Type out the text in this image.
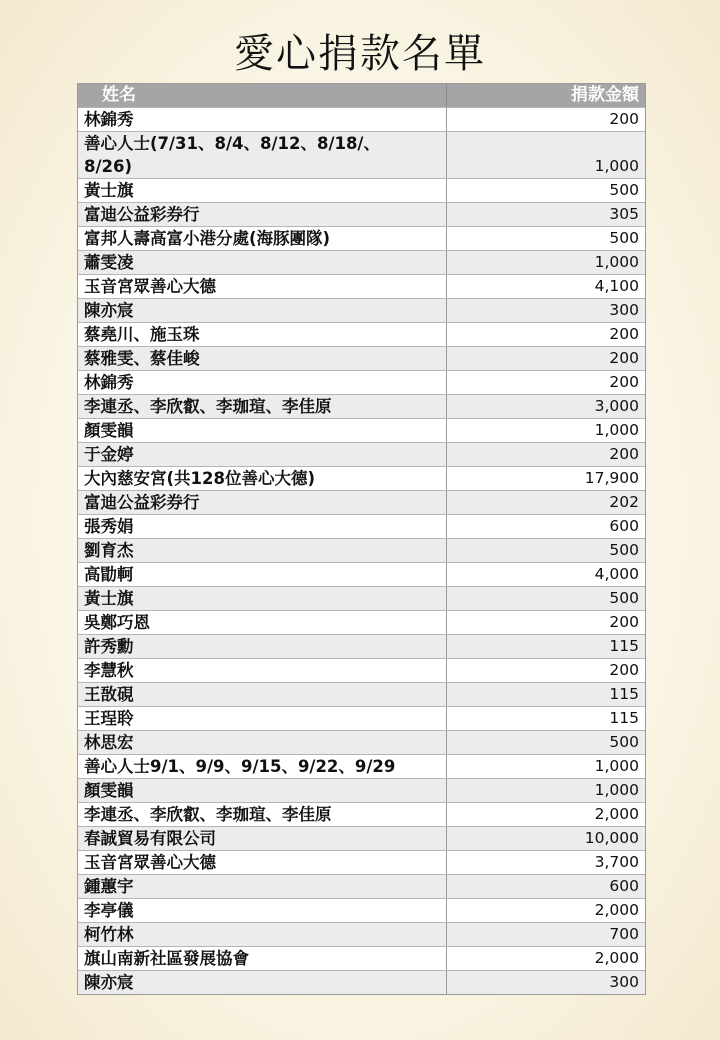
愛心捐款名單
姓名	捐款金額
林錦秀	200
善心人士(7/31、8/4、8/12、8/18/、
8/26)	1,000
黃士旗	500
富迪公益彩券行	305
富邦人壽高富小港分處(海豚團隊)	500
蕭雯凌	1,000
玉音宮眾善心大德	4,100
陳亦宸	300
蔡堯川、施玉珠	200
蔡雅雯、蔡佳峻	200
林錦秀	200
李連丞、李欣叡、李珈瑄、李佳原	3,000
顏雯韻	1,000
于金婷	200
大內慈安宮(共128位善心大德)	17,900
富迪公益彩券行	202
張秀娟	600
劉育杰	500
高勖軻	4,000
黃士旗	500
吳鄭巧恩	200
許秀勳	115
李慧秋	200
王敔硯	115
王珵聆	115
林思宏	500
善心人士9/1、9/9、9/15、9/22、9/29	1,000
顏雯韻	1,000
李連丞、李欣叡、李珈瑄、李佳原	2,000
春誠貿易有限公司	10,000
玉音宮眾善心大德	3,700
鍾蕙宇	600
李亭儀	2,000
柯竹林	700
旗山南新社區發展協會	2,000
陳亦宸	300
